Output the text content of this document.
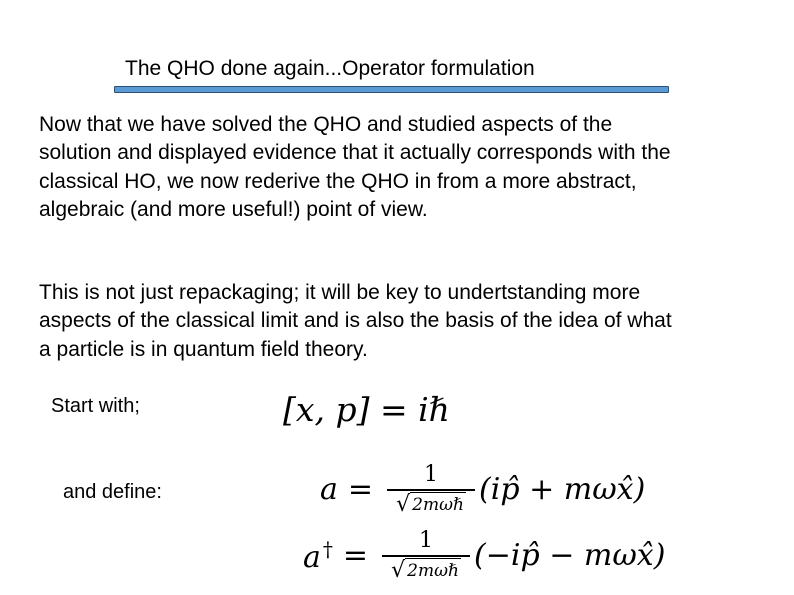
The QHO done again...Operator formulation
Now that we have solved the QHO and studied aspects of the solution and displayed evidence that it actually corresponds with the classical HO, we now rederive the QHO in from a more abstract, algebraic (and more useful!) point of view.
This is not just repackaging; it will be key to undertstanding more aspects of the classical limit and is also the basis of the idea of what a particle is in quantum field theory.
Start with;	[x, p] = iℏ
and define:	$a = \frac{1}{\text{√ 2mωℏ}}$ (ip̂ + mωx̂)
a $^\dagger = \frac{1}{\text{√ 2mωℏ}}$ (−ip̂ − mωx̂)
